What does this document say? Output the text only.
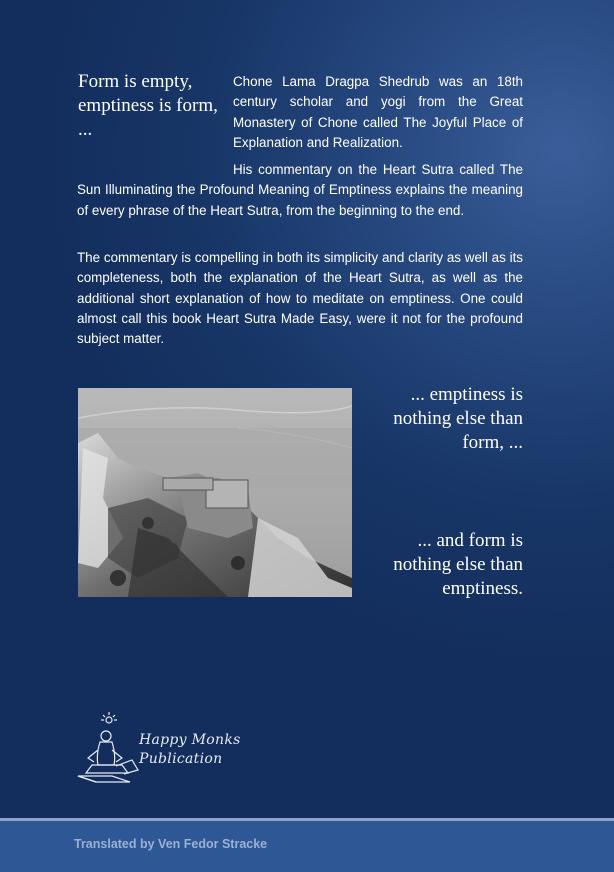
Form is empty, emptiness is form, ...

Chone Lama Dragpa Shedrub was an 18th century scholar and yogi from the Great Monastery of Chone called The Joyful Place of Explanation and Realization.

His commentary on the Heart Sutra called The Sun Illuminating the Profound Meaning of Emptiness explains the meaning of every phrase of the Heart Sutra, from the beginning to the end.

The commentary is compelling in both its simplicity and clarity as well as its completeness, both the explanation of the Heart Sutra, as well as the additional short explanation of how to meditate on emptiness. One could almost call this book Heart Sutra Made Easy, were it not for the profound subject matter.

... emptiness is
nothing else than
form, ...
... and form is
nothing else than
emptiness.
Happy Monks
Publication
Translated by Ven Fedor Stracke
